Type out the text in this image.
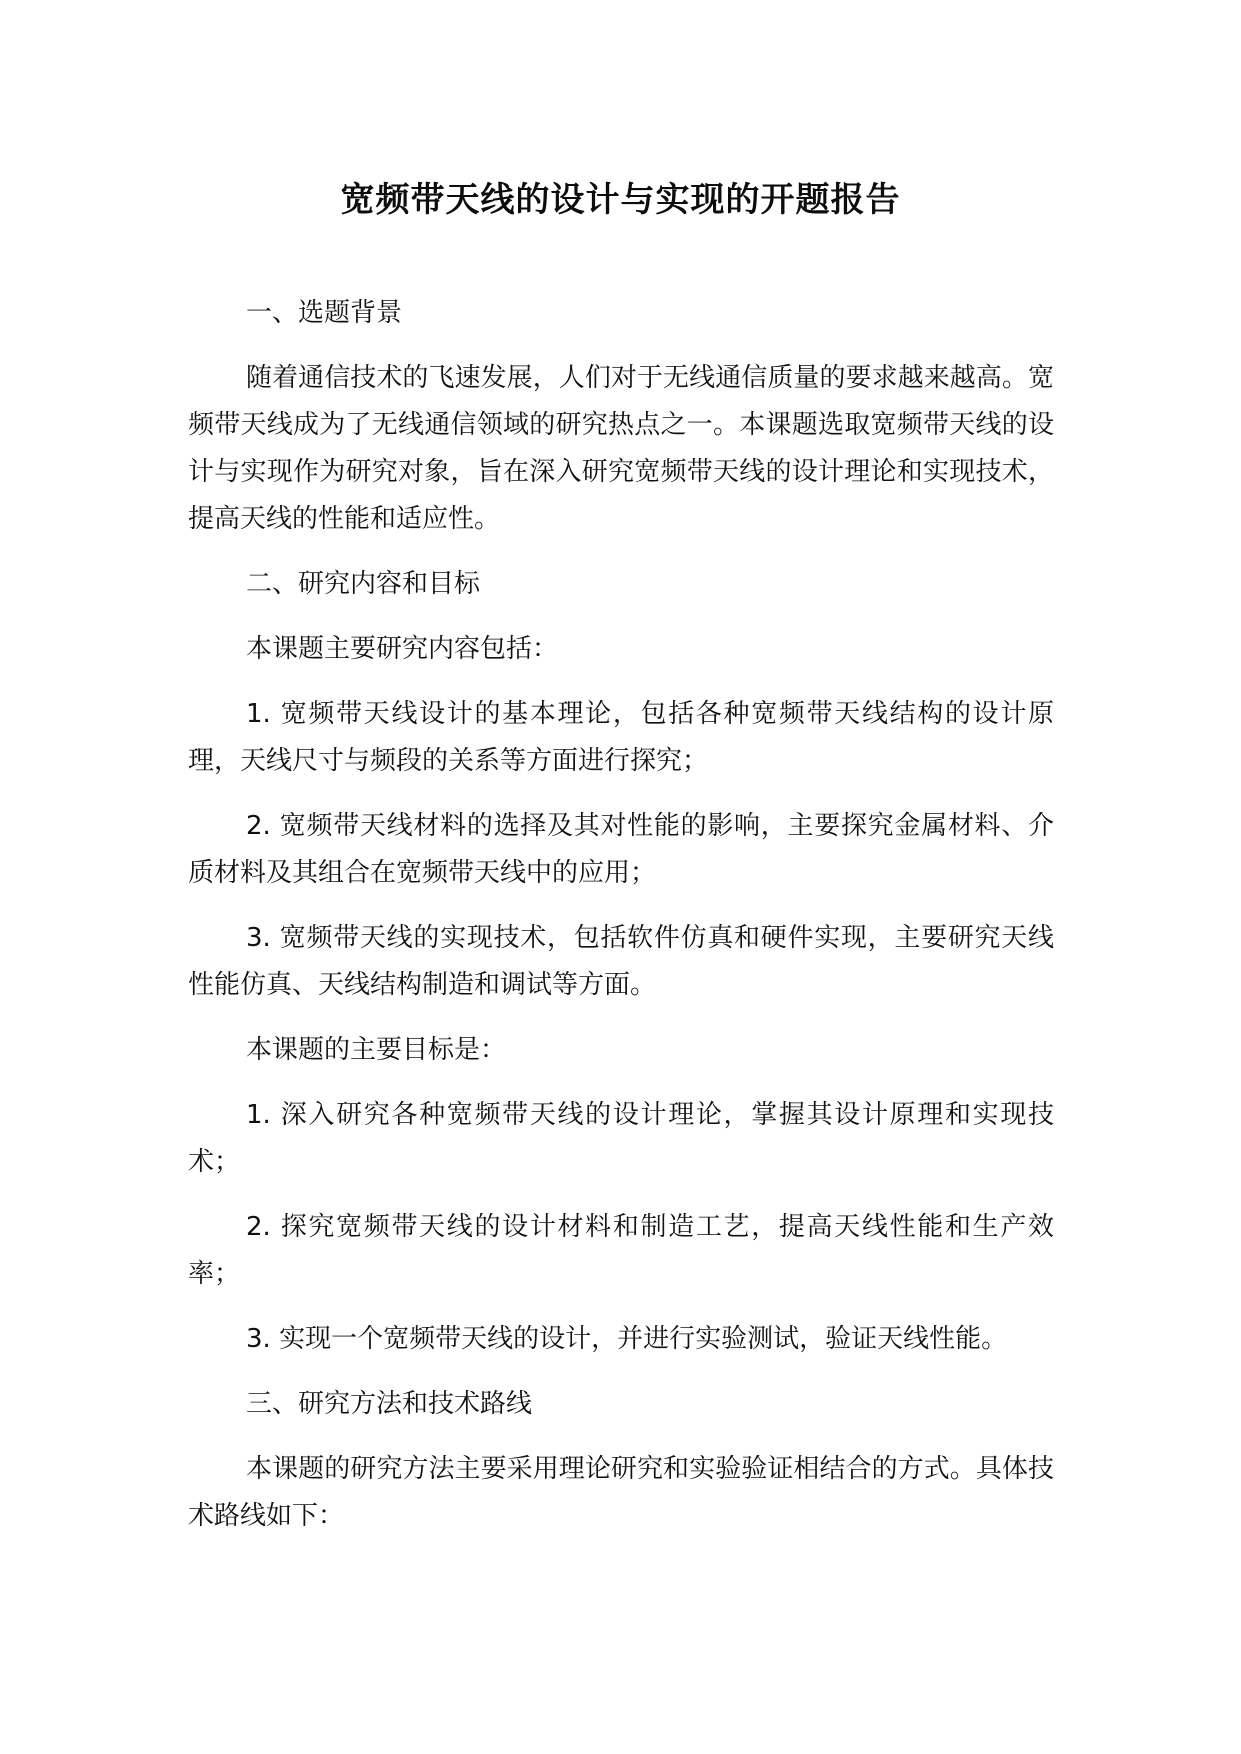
宽频带天线的设计与实现的开题报告

一、选题背景

随着通信技术的飞速发展，人们对于无线通信质量的要求越来越高。宽频带天线成为了无线通信领域的研究热点之一。本课题选取宽频带天线的设计与实现作为研究对象，旨在深入研究宽频带天线的设计理论和实现技术，提高天线的性能和适应性。

二、研究内容和目标

本课题主要研究内容包括：

1. 宽频带天线设计的基本理论，包括各种宽频带天线结构的设计原理，天线尺寸与频段的关系等方面进行探究；

2. 宽频带天线材料的选择及其对性能的影响，主要探究金属材料、介质材料及其组合在宽频带天线中的应用；

3. 宽频带天线的实现技术，包括软件仿真和硬件实现，主要研究天线性能仿真、天线结构制造和调试等方面。

本课题的主要目标是：

1. 深入研究各种宽频带天线的设计理论，掌握其设计原理和实现技术；

2. 探究宽频带天线的设计材料和制造工艺，提高天线性能和生产效率；

3. 实现一个宽频带天线的设计，并进行实验测试，验证天线性能。

三、研究方法和技术路线

本课题的研究方法主要采用理论研究和实验验证相结合的方式。具体技术路线如下：
